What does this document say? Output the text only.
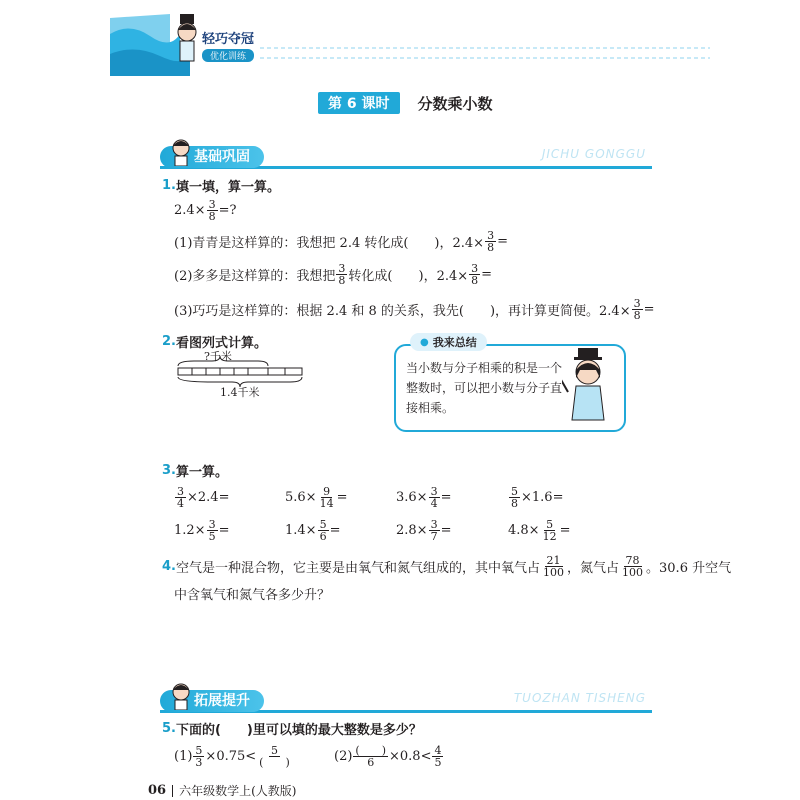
轻巧夺冠
优化训练
第 6 课时	分数乘小数
基础巩固	JICHU GONGGU
1. 填一填，算一算。
$2.4\times \frac{3}{8}$ =?
(1)青青是这样算的：我想把 2.4 转化成(　　)，$2.4\times \frac{3}{8}$ =
(2)多多是这样算的：我想把 $\frac{3}{8}$ 转化成(　　)，$2.4\times \frac{3}{8}$ =
(3)巧巧是这样算的：根据 2.4 和 8 的关系，我先(　　)，再计算更简便。$2.4\times \frac{3}{8}$ =
2. 看图列式计算。
?千米
1.4千米
当小数与分子相乘的积是一个
整数时，可以把小数与分子直
接相乘。
● 我来总结
3. 算一算。
$\frac{3}{4} \times 2.4=$	$5.6\times \frac{9}{14}$ =	$3.6\times \frac{3}{4}$ =	$\frac{5}{8} \times 1.6=$
$1.2\times \frac{3}{5}$ =	$1.4\times \frac{5}{6}$ =	$2.8\times \frac{3}{7}$ =	$4.8\times \frac{5}{12}$ =
4. 空气是一种混合物，它主要是由氧气和氮气组成的，其中氧气占 $\frac{21}{100}$ ，氮气占 $\frac{78}{100}$ 。30.6 升空气
中含氧气和氮气各多少升？
拓展提升	TUOZHAN TISHENG
5. 下面的(　　)里可以填的最大整数是多少？
$(1) \frac{5}{3} \times 0.75< \frac{5}{( )}$	$(2) \frac{( )}{6} \times 0.8< \frac{4}{5}$
06 六年级数学上 (人教版)
